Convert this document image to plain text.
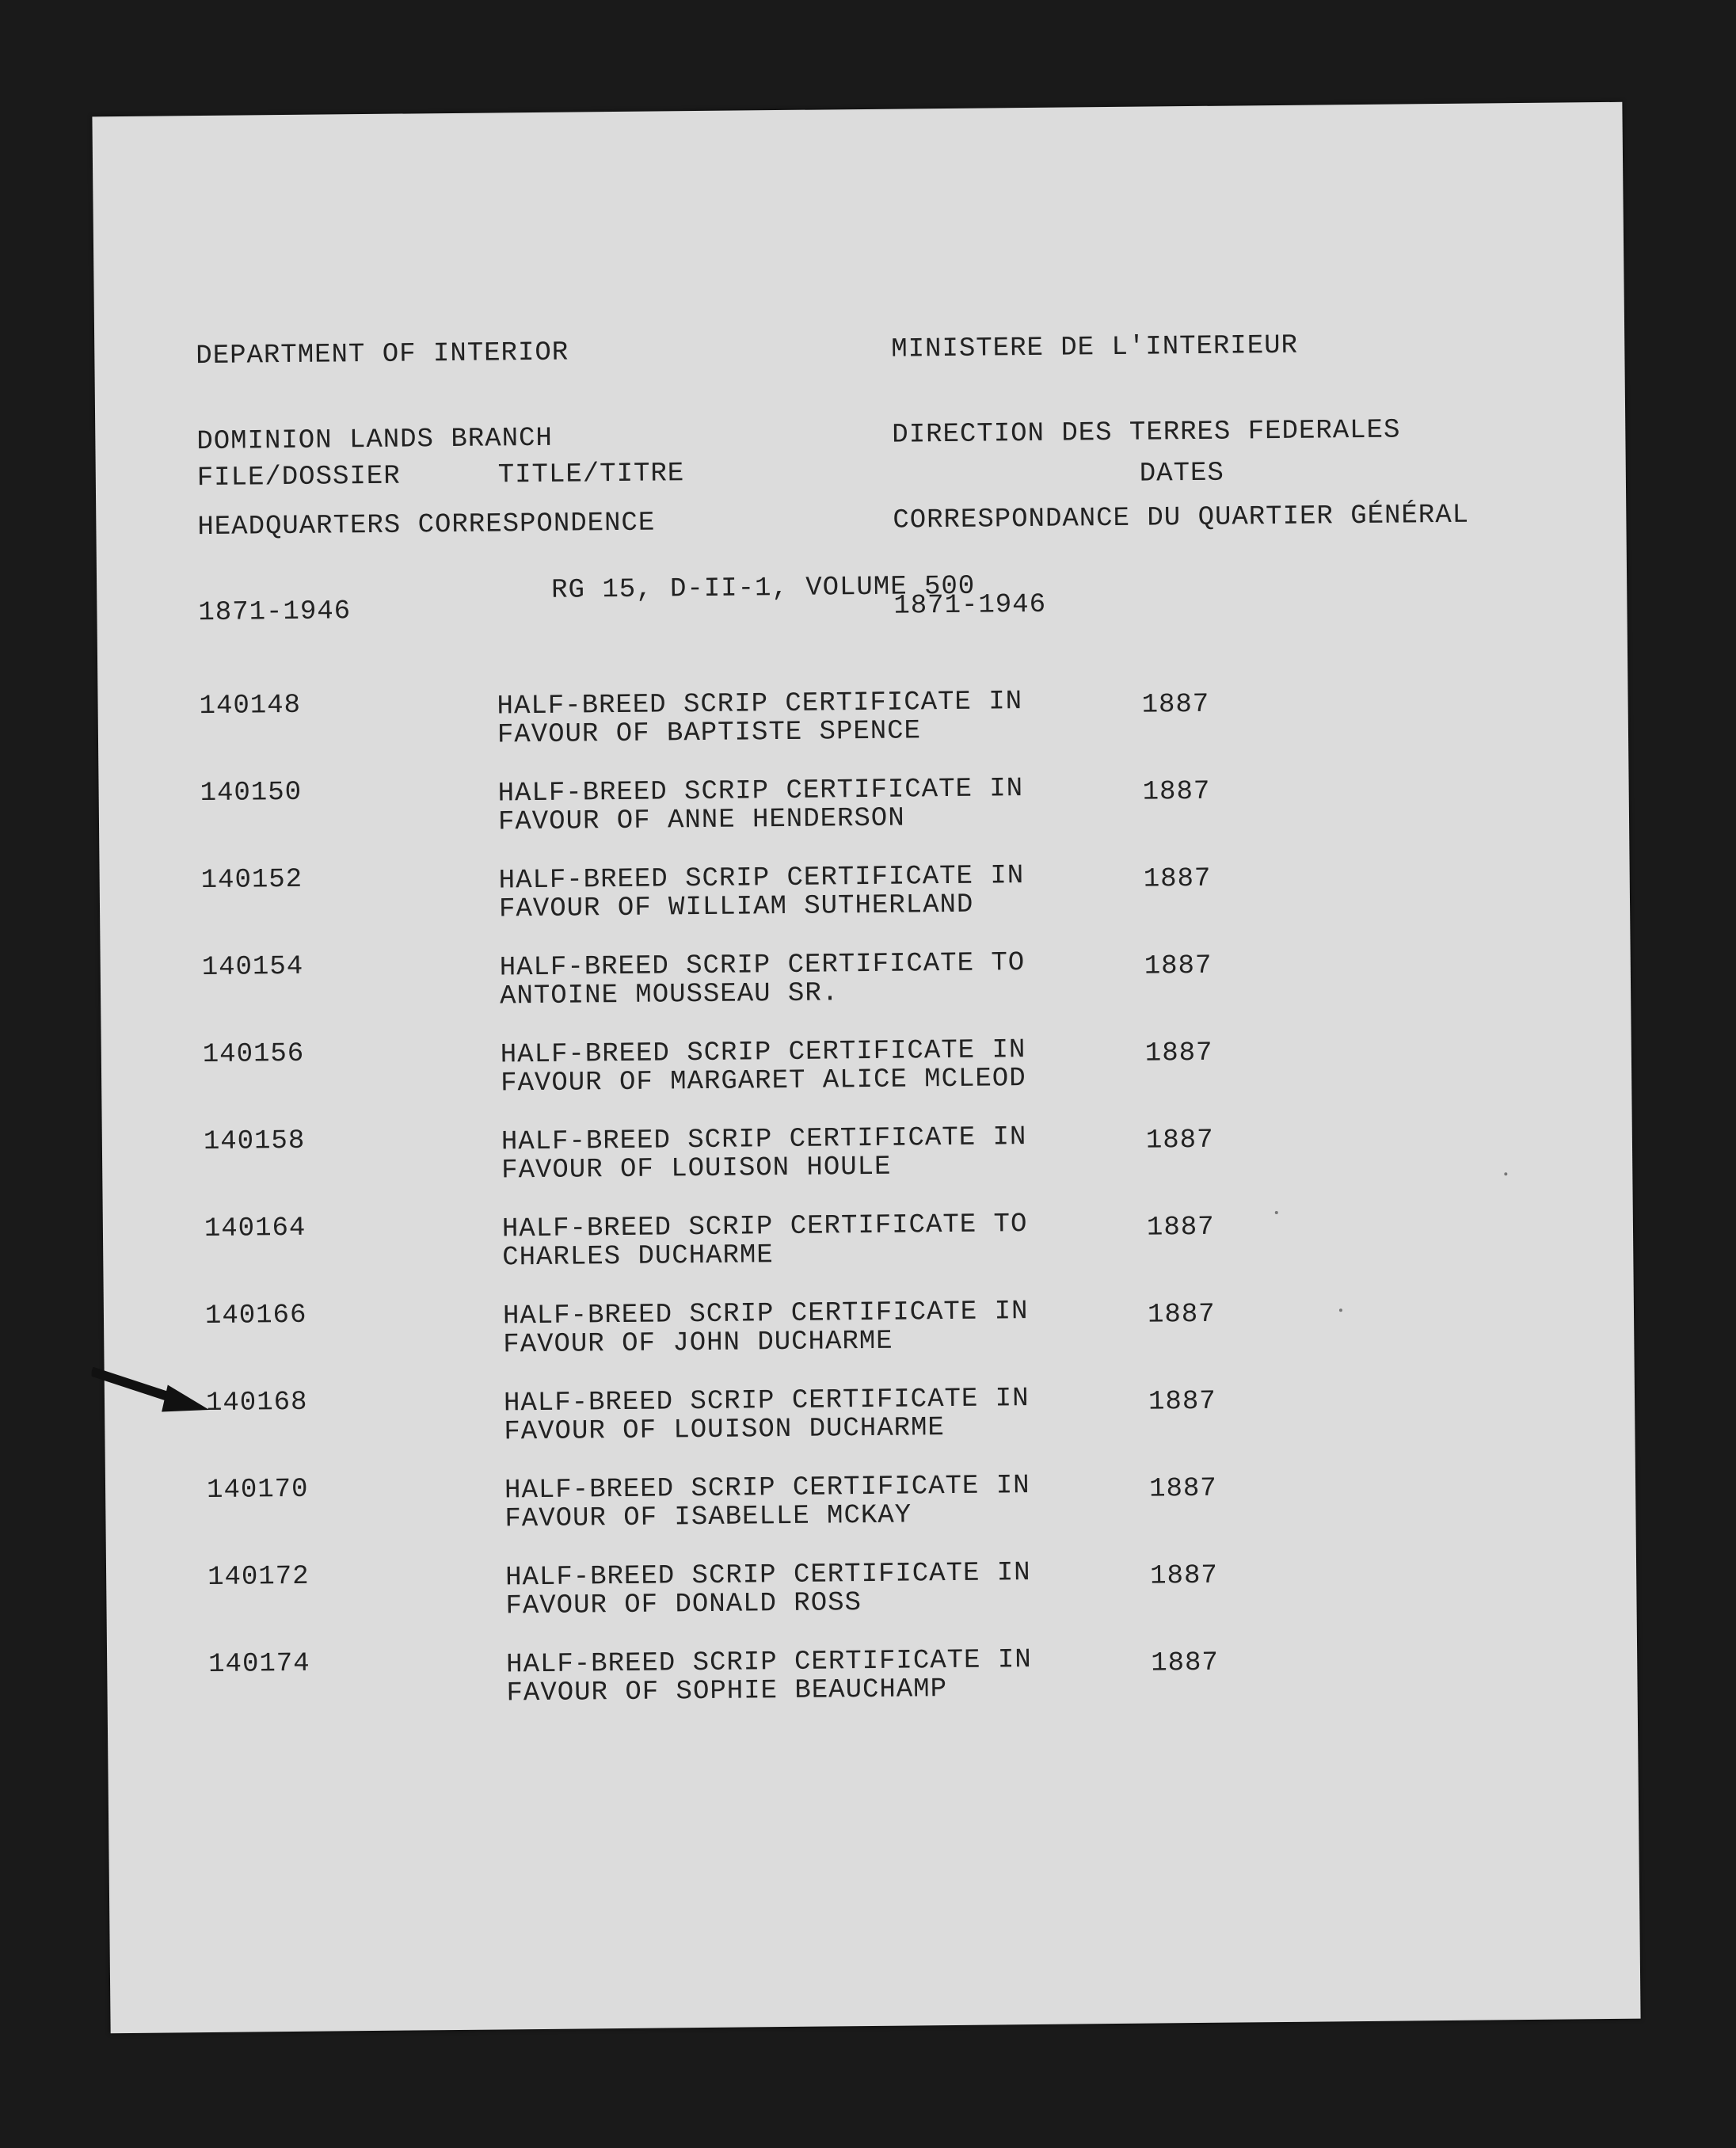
DEPARTMENT OF INTERIOR

DOMINION LANDS BRANCH

HEADQUARTERS CORRESPONDENCE

1871-1946

MINISTERE DE L'INTERIEUR

DIRECTION DES TERRES FEDERALES

CORRESPONDANCE DU QUARTIER GÉNÉRAL

1871-1946

FILE/DOSSIER	TITLE/TITRE	DATES
RG 15, D-II-1, VOLUME 500
140148	HALF-BREED SCRIP CERTIFICATE IN
FAVOUR OF BAPTISTE SPENCE
1887
140150	HALF-BREED SCRIP CERTIFICATE IN
FAVOUR OF ANNE HENDERSON
1887
140152	HALF-BREED SCRIP CERTIFICATE IN
FAVOUR OF WILLIAM SUTHERLAND
1887
140154	HALF-BREED SCRIP CERTIFICATE TO
ANTOINE MOUSSEAU SR.
1887
140156	HALF-BREED SCRIP CERTIFICATE IN
FAVOUR OF MARGARET ALICE MCLEOD
1887
140158	HALF-BREED SCRIP CERTIFICATE IN
FAVOUR OF LOUISON HOULE
1887
140164	HALF-BREED SCRIP CERTIFICATE TO
CHARLES DUCHARME
1887
140166	HALF-BREED SCRIP CERTIFICATE IN
FAVOUR OF JOHN DUCHARME
1887
140168	HALF-BREED SCRIP CERTIFICATE IN
FAVOUR OF LOUISON DUCHARME
1887
140170	HALF-BREED SCRIP CERTIFICATE IN
FAVOUR OF ISABELLE MCKAY
1887
140172	HALF-BREED SCRIP CERTIFICATE IN
FAVOUR OF DONALD ROSS
1887
140174	HALF-BREED SCRIP CERTIFICATE IN
FAVOUR OF SOPHIE BEAUCHAMP
1887
